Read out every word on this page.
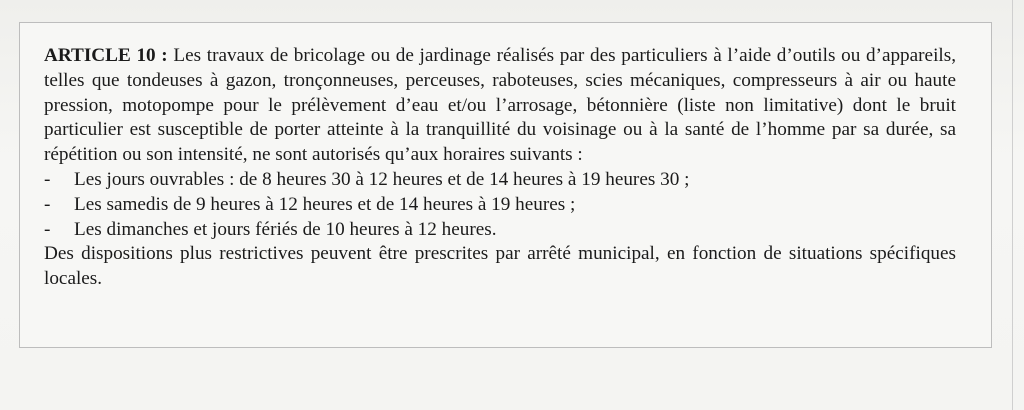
ARTICLE 10 : Les travaux de bricolage ou de jardinage réalisés par des particuliers à l’aide d’outils ou d’appareils, telles que tondeuses à gazon, tronçonneuses, perceuses, raboteuses, scies mécaniques, compresseurs à air ou haute pression, motopompe pour le prélèvement d’eau et/ou l’arrosage, bétonnière (liste non limitative) dont le bruit particulier est susceptible de porter atteinte à la tranquillité du voisinage ou à la santé de l’homme par sa durée, sa répétition ou son intensité, ne sont autorisés qu’aux horaires suivants :

- Les jours ouvrables : de 8 heures 30 à 12 heures et de 14 heures à 19 heures 30 ;
- Les samedis de 9 heures à 12 heures et de 14 heures à 19 heures ;
- Les dimanches et jours fériés de 10 heures à 12 heures.

Des dispositions plus restrictives peuvent être prescrites par arrêté municipal, en fonction de situations spécifiques locales.
